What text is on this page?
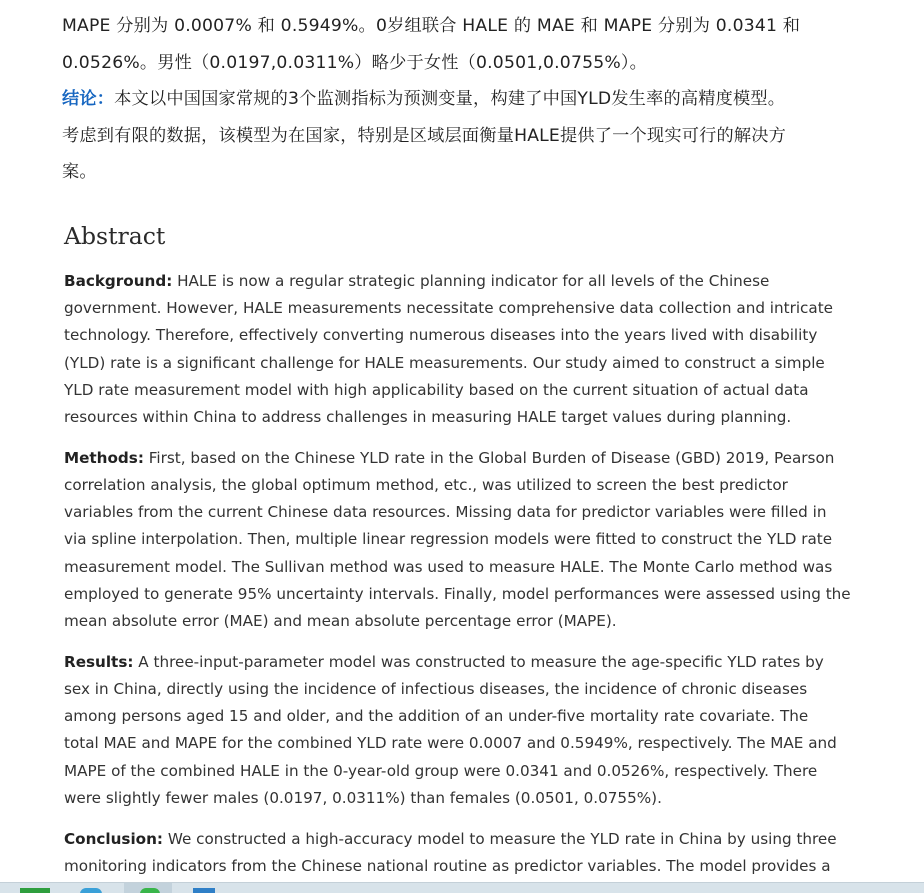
MAPE 分别为 0.0007% 和 0.5949%。0岁组联合 HALE 的 MAE 和 MAPE 分别为 0.0341 和
0.0526%。男性（0.0197,0.0311%）略少于女性（0.0501,0.0755%）。
结论：本文以中国国家常规的3个监测指标为预测变量，构建了中国YLD发生率的高精度模型。
考虑到有限的数据，该模型为在国家，特别是区域层面衡量HALE提供了一个现实可行的解决方
案。
Abstract

Background: HALE is now a regular strategic planning indicator for all levels of the Chinese
government. However, HALE measurements necessitate comprehensive data collection and intricate
technology. Therefore, effectively converting numerous diseases into the years lived with disability
(YLD) rate is a significant challenge for HALE measurements. Our study aimed to construct a simple
YLD rate measurement model with high applicability based on the current situation of actual data
resources within China to address challenges in measuring HALE target values during planning.

Methods: First, based on the Chinese YLD rate in the Global Burden of Disease (GBD) 2019, Pearson
correlation analysis, the global optimum method, etc., was utilized to screen the best predictor
variables from the current Chinese data resources. Missing data for predictor variables were filled in
via spline interpolation. Then, multiple linear regression models were fitted to construct the YLD rate
measurement model. The Sullivan method was used to measure HALE. The Monte Carlo method was
employed to generate 95% uncertainty intervals. Finally, model performances were assessed using the
mean absolute error (MAE) and mean absolute percentage error (MAPE).

Results: A three-input-parameter model was constructed to measure the age-specific YLD rates by
sex in China, directly using the incidence of infectious diseases, the incidence of chronic diseases
among persons aged 15 and older, and the addition of an under-five mortality rate covariate. The
total MAE and MAPE for the combined YLD rate were 0.0007 and 0.5949%, respectively. The MAE and
MAPE of the combined HALE in the 0-year-old group were 0.0341 and 0.0526%, respectively. There
were slightly fewer males (0.0197, 0.0311%) than females (0.0501, 0.0755%).

Conclusion: We constructed a high-accuracy model to measure the YLD rate in China by using three
monitoring indicators from the Chinese national routine as predictor variables. The model provides a
